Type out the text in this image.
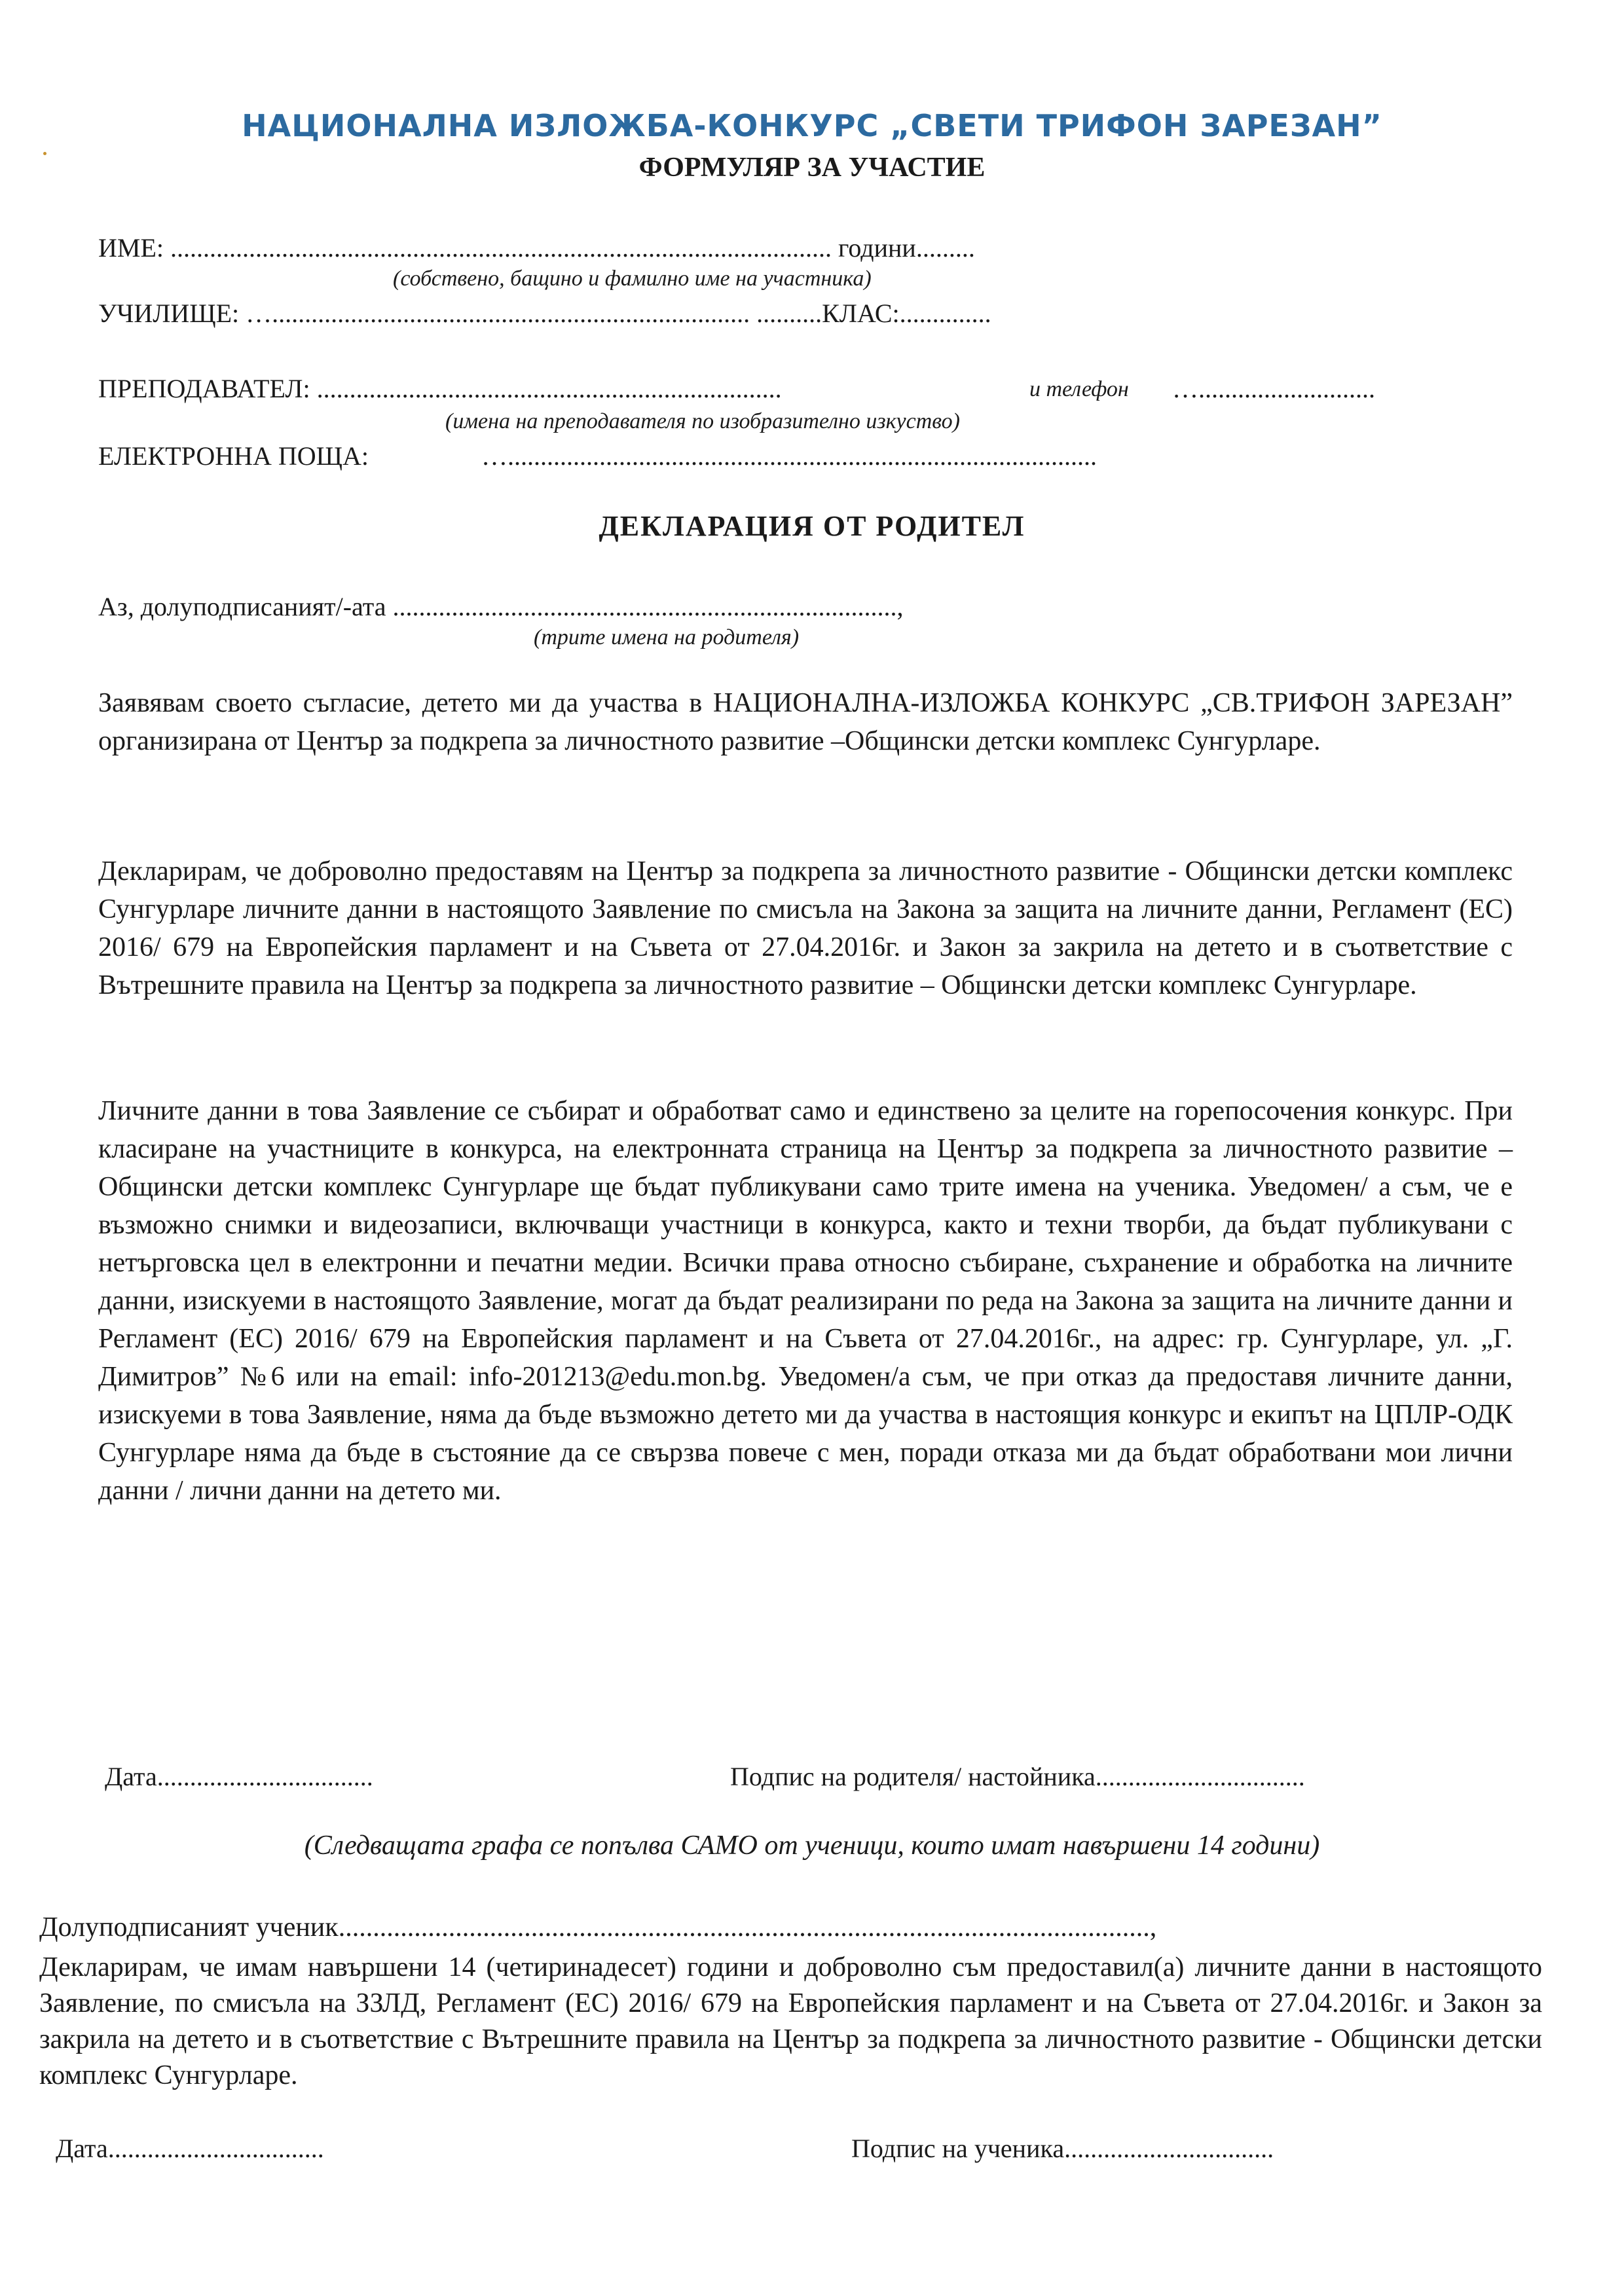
НАЦИОНАЛНА ИЗЛОЖБА-КОНКУРС „СВЕТИ ТРИФОН ЗАРЕЗАН”
ФОРМУЛЯР ЗА УЧАСТИЕ
ИМЕ: ..................................................................................................... години.........
(собствено, бащино и фамилно име на участника)
УЧИЛИЩЕ: …......................................................................... ..........КЛАС:..............
ПРЕПОДАВАТЕЛ: .......................................................................	и телефон …...........................
(имена на преподавателя по изобразително изкуство)
ЕЛЕКТРОННА ПОЩА:	…..........................................................................................
ДЕКЛАРАЦИЯ ОТ РОДИТЕЛ
Аз, долуподписаният/-ата .............................................................................,
(трите имена на родителя)
Заявявам своето съгласие, детето ми да участва в НАЦИОНАЛНА-ИЗЛОЖБА КОНКУРС „СВ.ТРИФОН ЗАРЕЗАН” организирана от Център за подкрепа за личностното развитие –Общински детски комплекс Сунгурларе.
Декларирам, че доброволно предоставям на Център за подкрепа за личностното развитие - Общински детски комплекс Сунгурларе личните данни в настоящото Заявление по смисъла на Закона за защита на личните данни, Регламент (ЕС) 2016/ 679 на Европейския парламент и на Съвета от 27.04.2016г. и Закон за закрила на детето и в съответствие с Вътрешните правила на Център за подкрепа за личностното развитие – Общински детски комплекс Сунгурларе.
Личните данни в това Заявление се събират и обработват само и единствено за целите на горепосочения конкурс. При класиране на участниците в конкурса, на електронната страница на Център за подкрепа за личностното развитие – Общински детски комплекс Сунгурларе ще бъдат публикувани само трите имена на ученика. Уведомен/ а съм, че е възможно снимки и видеозаписи, включващи участници в конкурса, както и техни творби, да бъдат публикувани с нетърговска цел в електронни и печатни медии. Всички права относно събиране, съхранение и обработка на личните данни, изискуеми в настоящото Заявление, могат да бъдат реализирани по реда на Закона за защита на личните данни и Регламент (ЕС) 2016/ 679 на Европейския парламент и на Съвета от 27.04.2016г., на адрес: гр. Сунгурларе, ул. „Г. Димитров” №6 или на email: info-201213@edu.mon.bg. Уведомен/а съм, че при отказ да предоставя личните данни, изискуеми в това Заявление, няма да бъде възможно детето ми да участва в настоящия конкурс и екипът на ЦПЛР-ОДК Сунгурларе няма да бъде в състояние да се свързва повече с мен, поради отказа ми да бъдат обработвани мои лични данни / лични данни на детето ми.
Дата.................................	Подпис на родителя/ настойника................................
(Следващата графа се попълва САМО от ученици, които имат навършени 14 години)
Долуподписаният ученик......................................................................................................................,
Декларирам, че имам навършени 14 (четиринадесет) години и доброволно съм предоставил(а) личните данни в настоящото Заявление, по смисъла на ЗЗЛД, Регламент (ЕС) 2016/ 679 на Европейския парламент и на Съвета от 27.04.2016г. и Закон за закрила на детето и в съответствие с Вътрешните правила на Център за подкрепа за личностното развитие - Общински детски комплекс Сунгурларе.
Дата.................................	Подпис на ученика................................
